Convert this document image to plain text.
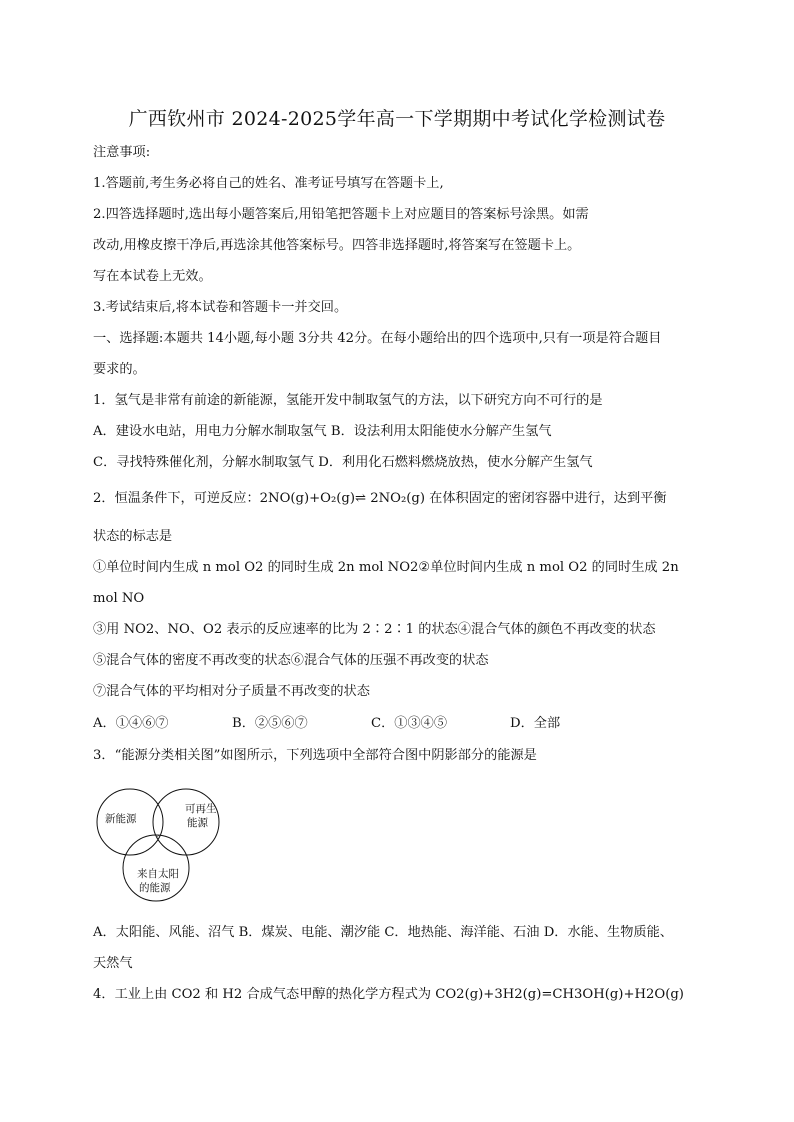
广西钦州市 2024-2025学年高一下学期期中考试化学检测试卷
注意事项:
1.答题前,考生务必将自己的姓名、准考证号填写在答题卡上,
2.四答选择题时,选出每小题答案后,用铅笔把答题卡上对应题目的答案标号涂黑。如需
改动,用橡皮擦干净后,再选涂其他答案标号。四答非选择题时,将答案写在签题卡上。
写在本试卷上无效。
3.考试结束后,将本试卷和答题卡一并交回。
一、选择题:本题共 14小题,每小题 3分共 42分。在每小题给出的四个选项中,只有一项是符合题目
要求的。
1．氢气是非常有前途的新能源，氢能开发中制取氢气的方法，以下研究方向不可行的是
A．建设水电站，用电力分解水制取氢气 B．设法利用太阳能使水分解产生氢气
C．寻找特殊催化剂，分解水制取氢气 D．利用化石燃料燃烧放热，使水分解产生氢气
2．恒温条件下，可逆反应：2NO(g)+O₂(g)⇌ 2NO₂(g) 在体积固定的密闭容器中进行，达到平衡
状态的标志是
①单位时间内生成 n mol O2 的同时生成 2n mol NO2②单位时间内生成 n mol O2 的同时生成 2n
mol NO
③用 NO2、NO、O2 表示的反应速率的比为 2∶2∶1 的状态④混合气体的颜色不再改变的状态
⑤混合气体的密度不再改变的状态⑥混合气体的压强不再改变的状态
⑦混合气体的平均相对分子质量不再改变的状态
A．①④⑥⑦	B．②⑤⑥⑦	C．①③④⑤	D．全部
3．“能源分类相关图”如图所示，下列选项中全部符合图中阴影部分的能源是
新能源
可再生
能源
来自太阳
的能源
A．太阳能、风能、沼气 B．煤炭、电能、潮汐能 C．地热能、海洋能、石油 D．水能、生物质能、
天然气
4．工业上由 CO2 和 H2 合成气态甲醇的热化学方程式为 CO2(g)+3H2(g)=CH3OH(g)+H2O(g)
